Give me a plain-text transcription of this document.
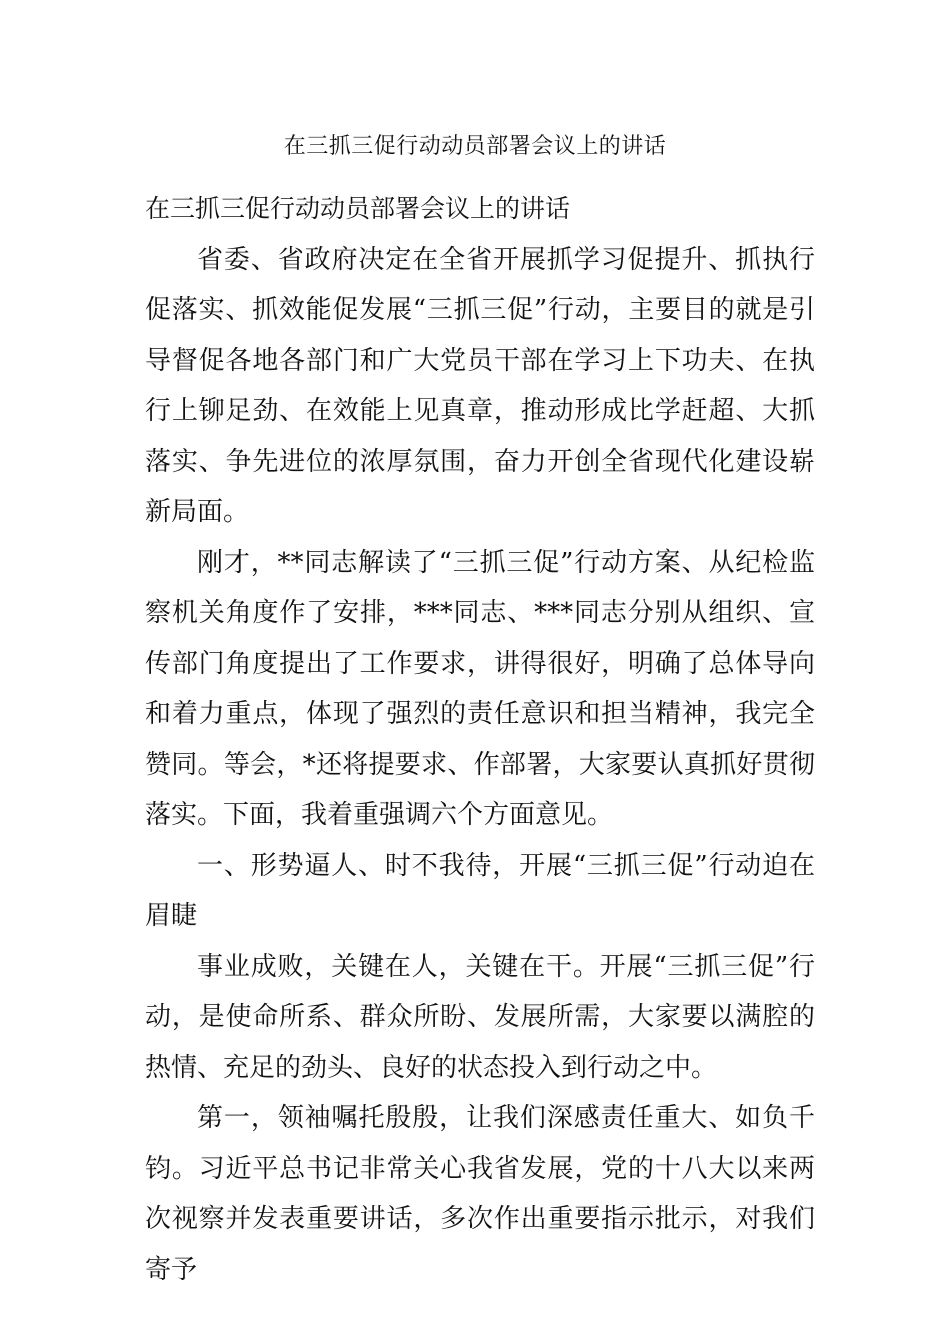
在三抓三促行动动员部署会议上的讲话

在三抓三促行动动员部署会议上的讲话

省委、省政府决定在全省开展抓学习促提升、抓执行促落实、抓效能促发展“三抓三促”行动，主要目的就是引导督促各地各部门和广大党员干部在学习上下功夫、在执行上铆足劲、在效能上见真章，推动形成比学赶超、大抓落实、争先进位的浓厚氛围，奋力开创全省现代化建设崭新局面。

刚才，**同志解读了“三抓三促”行动方案、从纪检监察机关角度作了安排，***同志、***同志分别从组织、宣传部门角度提出了工作要求，讲得很好，明确了总体导向和着力重点，体现了强烈的责任意识和担当精神，我完全赞同。等会，*还将提要求、作部署，大家要认真抓好贯彻落实。下面，我着重强调六个方面意见。

一、形势逼人、时不我待，开展“三抓三促”行动迫在眉睫

事业成败，关键在人，关键在干。开展“三抓三促”行动，是使命所系、群众所盼、发展所需，大家要以满腔的热情、充足的劲头、良好的状态投入到行动之中。

第一，领袖嘱托殷殷，让我们深感责任重大、如负千钧。习近平总书记非常关心我省发展，党的十八大以来两次视察并发表重要讲话，多次作出重要指示批示，对我们寄予
